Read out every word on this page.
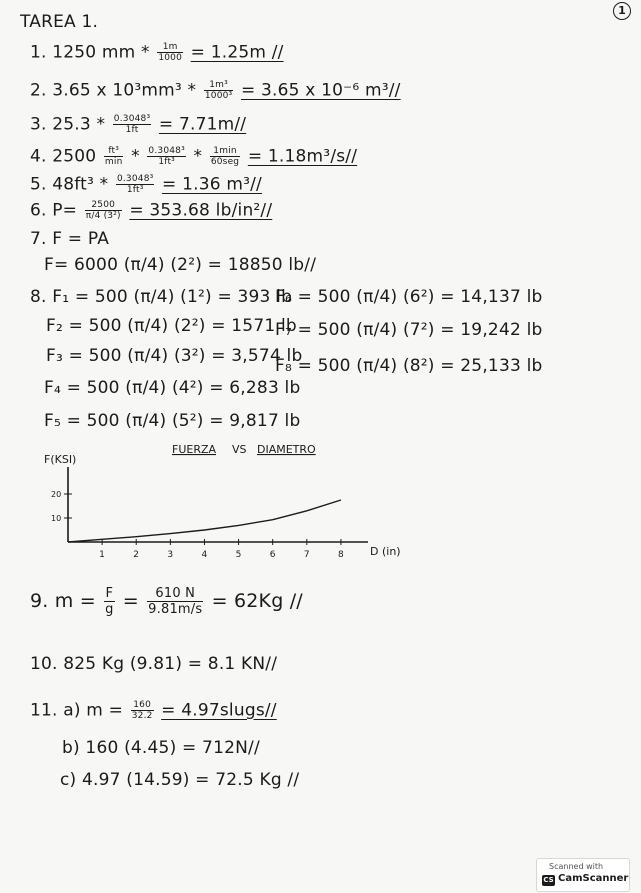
TAREA 1.
1
1. 1250 mm * $\frac{1m}{1000} = 1.25m$ //
2. 3.65 x $10^3mm^3 * \frac{\text{1m³}}{\text{1000³}} = 3.65$ x 10⁻⁶ m³//
3. $25.3 * \frac{\text{0.3048³}}{1ft} = 7.71m//$
4. $2500 \frac{\text{ft³}}{\min} * \frac{\text{0.3048³}}{\text{1ft³}} * \frac{1\min}{\text{60seg}} = 1.18m^3/s//$
5. $48ft^3 * \frac{\text{0.3048³}}{\text{1ft³}} = 1.36$ m³//
6. $P= \frac{2500}{\text{π/4 (3²)}} = 353.68$ lb/in²//
7. F = PA
F= 6000 (π/4) (2²) = 18850 lb//
8. F₁ = 500 (π/4) (1²) = 393 lb
F₂ = 500 (π/4) (2²) = 1571 lb
F₃ = 500 (π/4) (3²) = 3,574 lb
F₄ = 500 (π/4) (4²) = 6,283 lb
F₅ = 500 (π/4) (5²) = 9,817 lb
F₆ = 500 (π/4) (6²) = 14,137 lb
F₇ = 500 (π/4) (7²) = 19,242 lb
F₈ = 500 (π/4) (8²) = 25,133 lb
FUERZA VS DIAMETRO
F(KSI)
D (in)
1	2	3	4	5	6	7	8
10
20
9. $m = \frac{F}{g} = \frac{610 N}{9.81m/s} = 62Kg$ //
10. 825 Kg (9.81) = 8.1 KN//
11. a) $m = \frac{160}{32.2}$ = 4.97slugs//
b) 160 (4.45) = 712N//
c) 4.97 (14.59) = 72.5 Kg //
Scanned with
CS CamScanner
